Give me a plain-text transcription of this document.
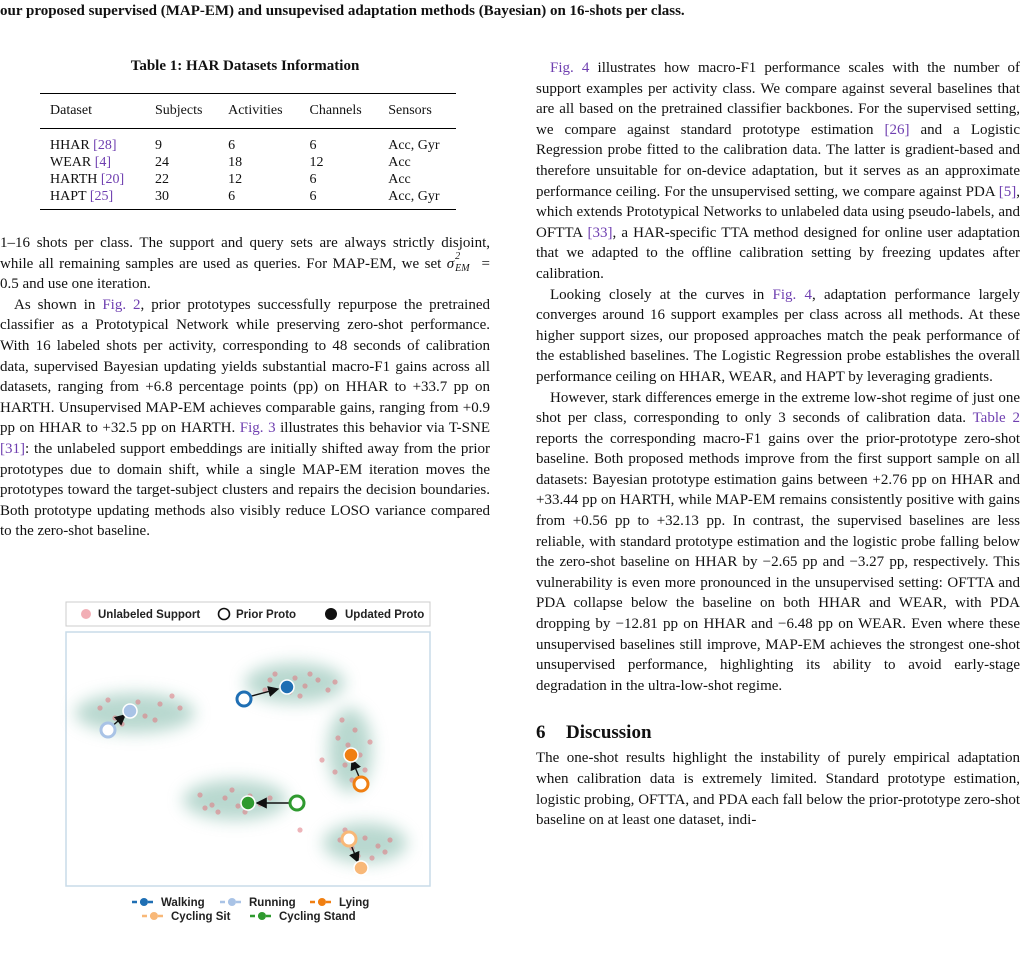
our proposed supervised (MAP-EM) and unsupevised adaptation methods (Bayesian) on 16-shots per class.
Table 1: HAR Datasets Information
Dataset	Subjects	Activities	Channels	Sensors
HHAR [28]	9	6	6	Acc, Gyr
WEAR [4]	24	18	12	Acc
HARTH [20]	22	12	6	Acc
HAPT [25]	30	6	6	Acc, Gyr

1–16 shots per class. The support and query sets are always strictly disjoint, while all remaining samples are used as queries. For MAP-EM, we set σ 2
EM = 0.5 and use one iteration.

As shown in Fig. 2, prior prototypes successfully repurpose the pretrained classifier as a Prototypical Network while preserving zero-shot performance. With 16 labeled shots per activity, corresponding to 48 seconds of calibration data, supervised Bayesian updating yields substantial macro-F1 gains across all datasets, ranging from +6.8 percentage points (pp) on HHAR to +33.7 pp on HARTH. Unsupervised MAP-EM achieves comparable gains, ranging from +0.9 pp on HHAR to +32.5 pp on HARTH. Fig. 3 illustrates this behavior via T-SNE [31]: the unlabeled support embeddings are initially shifted away from the prior prototypes due to domain shift, while a single MAP-EM iteration moves the prototypes toward the target-subject clusters and repairs the decision boundaries. Both prototype updating methods also visibly reduce LOSO variance compared to the zero-shot baseline.

Unlabeled Support	Prior Proto	Updated Proto
Walking	Running	Lying
Cycling Sit	Cycling Stand

Fig. 4 illustrates how macro-F1 performance scales with the number of support examples per activity class. We compare against several baselines that are all based on the pretrained classifier backbones. For the supervised setting, we compare against standard prototype estimation [26] and a Logistic Regression probe fitted to the calibration data. The latter is gradient-based and therefore unsuitable for on-device adaptation, but it serves as an approximate performance ceiling. For the unsupervised setting, we compare against PDA [5], which extends Prototypical Networks to unlabeled data using pseudo-labels, and OFTTA [33], a HAR-specific TTA method designed for online user adaptation that we adapted to the offline calibration setting by freezing updates after calibration.

Looking closely at the curves in Fig. 4, adaptation performance largely converges around 16 support examples per class across all methods. At these higher support sizes, our proposed approaches match the peak performance of the established baselines. The Logistic Regression probe establishes the overall performance ceiling on HHAR, WEAR, and HAPT by leveraging gradients.

However, stark differences emerge in the extreme low-shot regime of just one shot per class, corresponding to only 3 seconds of calibration data. Table 2 reports the corresponding macro-F1 gains over the prior-prototype zero-shot baseline. Both proposed methods improve from the first support sample on all datasets: Bayesian prototype estimation gains between +2.76 pp on HHAR and +33.44 pp on HARTH, while MAP-EM remains consistently positive with gains from +0.56 pp to +32.13 pp. In contrast, the supervised baselines are less reliable, with standard prototype estimation and the logistic probe falling below the zero-shot baseline on HHAR by −2.65 pp and −3.27 pp, respectively. This vulnerability is even more pronounced in the unsupervised setting: OFTTA and PDA collapse below the baseline on both HHAR and WEAR, with PDA dropping by −12.81 pp on HHAR and −6.48 pp on WEAR. Even where these unsupervised baselines still improve, MAP-EM achieves the strongest one-shot unsupervised performance, highlighting its ability to avoid early-stage degradation in the ultra-low-shot regime.

6 Discussion

The one-shot results highlight the instability of purely empirical adaptation when calibration data is extremely limited. Standard prototype estimation, logistic probing, OFTTA, and PDA each fall below the prior-prototype zero-shot baseline on at least one dataset, indi-
